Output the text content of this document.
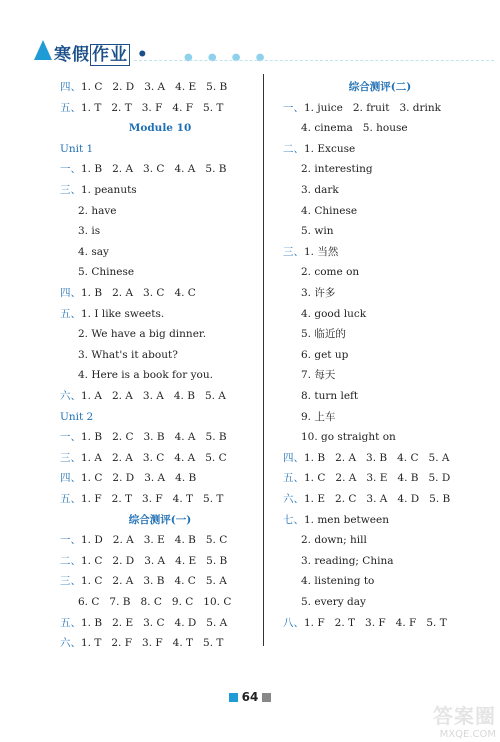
寒假 作业 •	● ● ● ●
四、1. C   2. D   3. A   4. E   5. B
五、1. T   2. T   3. F   4. F   5. T
Module 10
Unit 1
一、1. B   2. A   3. C   4. A   5. B
三、1. peanuts
2. have
3. is
4. say
5. Chinese
四、1. B   2. A   3. C   4. C
五、1. I like sweets.
2. We have a big dinner.
3. What's it about?
4. Here is a book for you.
六、1. A   2. A   3. A   4. B   5. A
Unit 2
一、1. B   2. C   3. B   4. A   5. B
三、1. A   2. A   3. C   4. A   5. C
四、1. C   2. D   3. A   4. B
五、1. F   2. T   3. F   4. T   5. T
综合测评(一)
一、1. D   2. A   3. E   4. B   5. C
二、1. C   2. D   3. A   4. E   5. B
三、1. C   2. A   3. B   4. C   5. A
6. C   7. B   8. C   9. C   10. C
五、1. B   2. E   3. C   4. D   5. A
六、1. T   2. F   3. F   4. T   5. T
综合测评(二)
一、1. juice   2. fruit   3. drink
4. cinema   5. house
二、1. Excuse
2. interesting
3. dark
4. Chinese
5. win
三、1. 当然
2. come on
3. 许多
4. good luck
5. 临近的
6. get up
7. 每天
8. turn left
9. 上车
10. go straight on
四、1. B   2. A   3. B   4. C   5. A
五、1. C   2. A   3. E   4. B   5. D
六、1. E   2. C   3. A   4. D   5. B
七、1. men between
2. down; hill
3. reading; China
4. listening to
5. every day
八、1. F   2. T   3. F   4. F   5. T
64
答案圈
MXQE.COM
